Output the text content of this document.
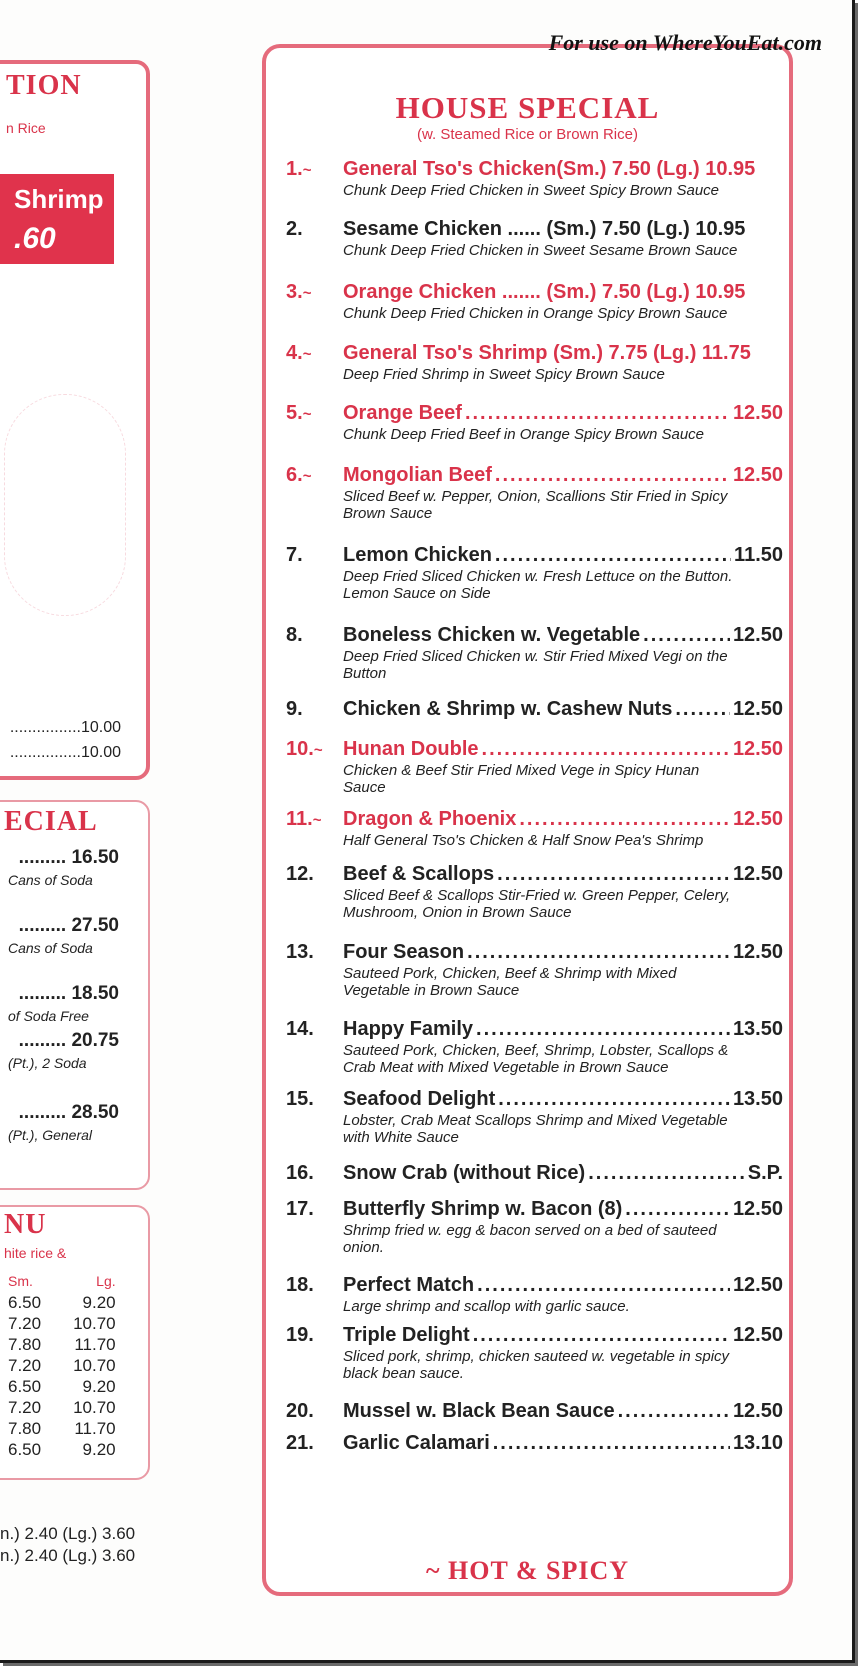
For use on WhereYouEat.com
TION
n Rice
Shrimp
.60
................10.00
................10.00
ECIAL
......... 16.50
Cans of Soda
......... 27.50
Cans of Soda
......... 18.50
of Soda Free
......... 20.75
(Pt.), 2 Soda
......... 28.50
(Pt.), General
NU
hite rice &
Sm.	Lg.
6.50	9.20
7.20	10.70
7.80	11.70
7.20	10.70
6.50	9.20
7.20	10.70
7.80	11.70
6.50	9.20
n.) 2.40 (Lg.) 3.60
n.) 2.40 (Lg.) 3.60
HOUSE SPECIAL
(w. Steamed Rice or Brown Rice)
1.~	General Tso's Chicken(Sm.) 7.50 (Lg.) 10.95
Chunk Deep Fried Chicken in Sweet Spicy Brown Sauce
2.	Sesame Chicken ...... (Sm.) 7.50 (Lg.) 10.95
Chunk Deep Fried Chicken in Sweet Sesame Brown Sauce
3.~	Orange Chicken ....... (Sm.) 7.50 (Lg.) 10.95
Chunk Deep Fried Chicken in Orange Spicy Brown Sauce
4.~	General Tso's Shrimp (Sm.) 7.75 (Lg.) 11.75
Deep Fried Shrimp in Sweet Spicy Brown Sauce
5.~	Orange Beef .....	12.50
Chunk Deep Fried Beef in Orange Spicy Brown Sauce
6.~	Mongolian Beef .....	12.50
Sliced Beef w. Pepper, Onion, Scallions Stir Fried in Spicy Brown Sauce
7.	Lemon Chicken .....	11.50
Deep Fried Sliced Chicken w. Fresh Lettuce on the Button. Lemon Sauce on Side
8.	Boneless Chicken w. Vegetable .....	12.50
Deep Fried Sliced Chicken w. Stir Fried Mixed Vegi on the Button
9.	Chicken & Shrimp w. Cashew Nuts .....	12.50
10.~	Hunan Double .....	12.50
Chicken & Beef Stir Fried Mixed Vege in Spicy Hunan Sauce
11.~	Dragon & Phoenix .....	12.50
Half General Tso's Chicken & Half Snow Pea's Shrimp
12.	Beef & Scallops .....	12.50
Sliced Beef & Scallops Stir-Fried w. Green Pepper, Celery, Mushroom, Onion in Brown Sauce
13.	Four Season .....	12.50
Sauteed Pork, Chicken, Beef & Shrimp with Mixed Vegetable in Brown Sauce
14.	Happy Family .....	13.50
Sauteed Pork, Chicken, Beef, Shrimp, Lobster, Scallops & Crab Meat with Mixed Vegetable in Brown Sauce
15.	Seafood Delight .....	13.50
Lobster, Crab Meat Scallops Shrimp and Mixed Vegetable with White Sauce
16.	Snow Crab (without Rice) .....	S.P.
17.	Butterfly Shrimp w. Bacon (8) .....	12.50
Shrimp fried w. egg & bacon served on a bed of sauteed onion.
18.	Perfect Match .....	12.50
Large shrimp and scallop with garlic sauce.
19.	Triple Delight .....	12.50
Sliced pork, shrimp, chicken sauteed w. vegetable in spicy black bean sauce.
20.	Mussel w. Black Bean Sauce .....	12.50
21.	Garlic Calamari .....	13.10
~ HOT & SPICY
